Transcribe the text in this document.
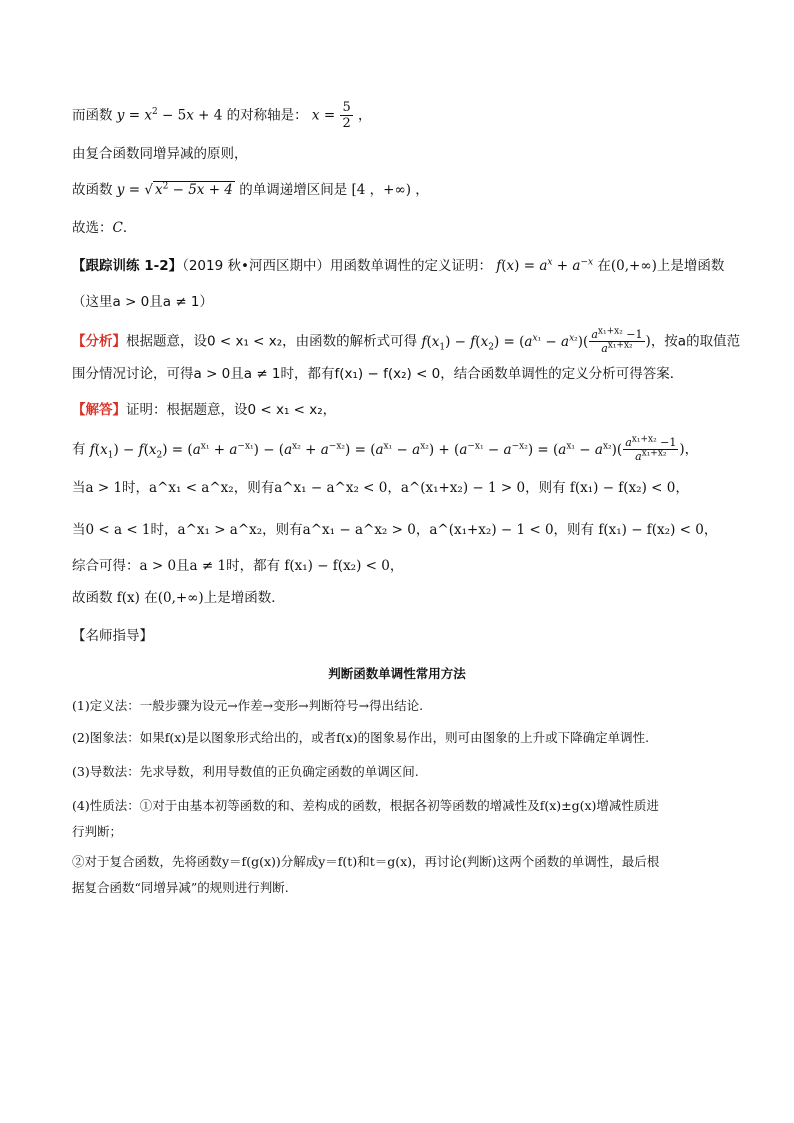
而函数 $y = x^2 - 5x + 4$ 的对称轴是： $x = \frac{5}{2}$ ，
由复合函数同增异减的原则，
故函数 y = √ $x^2 - 5x + 4$ 的单调递增区间是 [4 ，+∞) ，
故选：C．
【跟踪训练 1-2】（2019 秋•河西区期中）用函数单调性的定义证明： $f(x) = a^x + a^{-x}$ 在(0,+∞)上是增函数
（这里a > 0且a ≠ 1）
【分析】根据题意，设0 < x₁ < x₂，由函数的解析式可得 $f(x_1) - f(x_2) = (a^{x_1} - a^{x_2})( \frac{a^{x_1+x_2} -1}{a^{x_1+x_2}}$ )，按a的取值范
围分情况讨论，可得a > 0且a ≠ 1时，都有f(x₁) − f(x₂) < 0，结合函数单调性的定义分析可得答案．
【解答】证明：根据题意，设0 < x₁ < x₂，
有 $f(x_1) - f(x_2) = (a^{x_1} + a^{-x_1}) - (a^{x_2} + a^{-x_2}) = (a^{x_1} - a^{x_2}) + (a^{-x_1} - a^{-x_2}) = (a^{x_1} - a^{x_2})( \frac{a^{x_1+x_2} -1}{a^{x_1+x_2}}$ )，
当a > 1时，a^x₁ < a^x₂，则有a^x₁ − a^x₂ < 0，a^(x₁+x₂) − 1 > 0，则有 f(x₁) − f(x₂) < 0，
当0 < a < 1时，a^x₁ > a^x₂，则有a^x₁ − a^x₂ > 0，a^(x₁+x₂) − 1 < 0，则有 f(x₁) − f(x₂) < 0，
综合可得：a > 0且a ≠ 1时，都有 f(x₁) − f(x₂) < 0，
故函数 f(x) 在(0,+∞)上是增函数．
【名师指导】
判断函数单调性常用方法
(1)定义法：一般步骤为设元→作差→变形→判断符号→得出结论.
(2)图象法：如果f(x)是以图象形式给出的，或者f(x)的图象易作出，则可由图象的上升或下降确定单调性.
(3)导数法：先求导数，利用导数值的正负确定函数的单调区间.
(4)性质法：①对于由基本初等函数的和、差构成的函数，根据各初等函数的增减性及f(x)±g(x)增减性质进
行判断；
②对于复合函数，先将函数y＝f(g(x))分解成y＝f(t)和t＝g(x)，再讨论(判断)这两个函数的单调性，最后根
据复合函数“同增异减”的规则进行判断.
